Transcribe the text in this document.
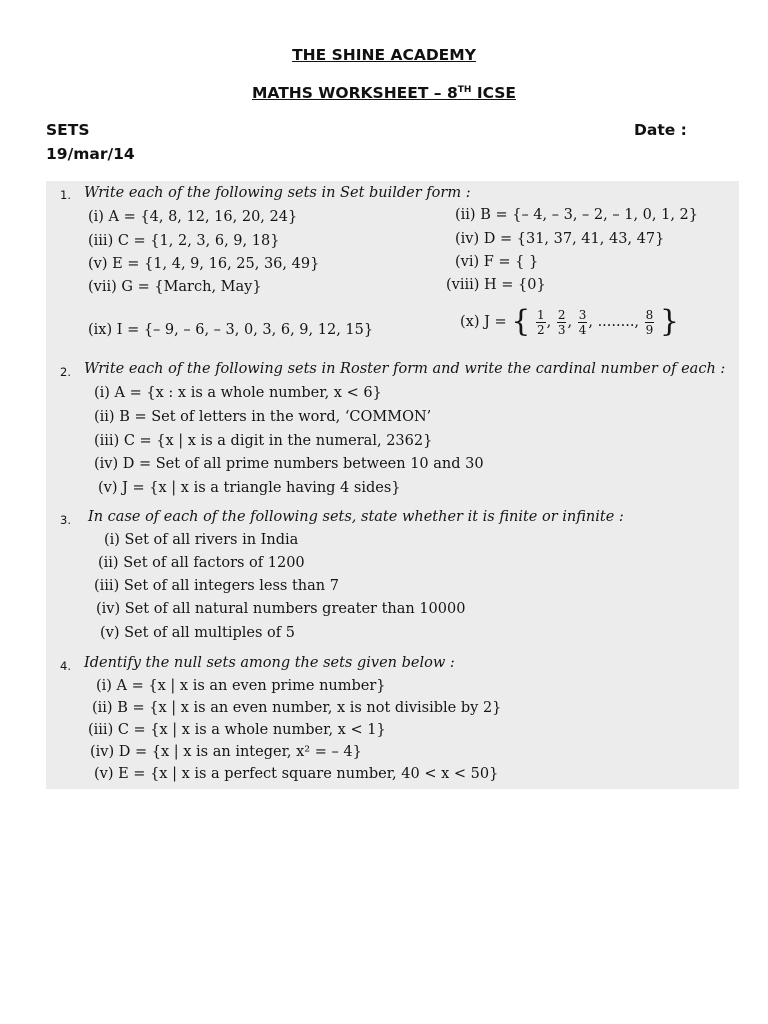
THE SHINE ACADEMY
MATHS WORKSHEET – 8TH ICSE
SETS	Date :
19/mar/14
1. Write each of the following sets in Set builder form :
(i) A = {4, 8, 12, 16, 20, 24}	(ii) B = {– 4, – 3, – 2, – 1, 0, 1, 2}
(iii) C = {1, 2, 3, 6, 9, 18}	(iv) D = {31, 37, 41, 43, 47}
(v) E = {1, 4, 9, 16, 25, 36, 49}	(vi) F = { }
(vii) G = {March, May}	(viii) H = {0}
(ix) I = {– 9, – 6, – 3, 0, 3, 6, 9, 12, 15}	(x) J = { $\frac{1}{2}$ , $\frac{2}{3}$ , $\frac{3}{4}$ , ........, $\frac{8}{9}$ }
2. Write each of the following sets in Roster form and write the cardinal number of each :
(i) A = {x : x is a whole number, x < 6}
(ii) B = Set of letters in the word, ‘COMMON’
(iii) C = {x | x is a digit in the numeral, 2362}
(iv) D = Set of all prime numbers between 10 and 30
(v) J = {x | x is a triangle having 4 sides}
3. In case of each of the following sets, state whether it is finite or infinite :
(i) Set of all rivers in India
(ii) Set of all factors of 1200
(iii) Set of all integers less than 7
(iv) Set of all natural numbers greater than 10000
(v) Set of all multiples of 5
4. Identify the null sets among the sets given below :
(i) A = {x | x is an even prime number}
(ii) B = {x | x is an even number, x is not divisible by 2}
(iii) C = {x | x is a whole number, x < 1}
(iv) D = {x | x is an integer, x² = – 4}
(v) E = {x | x is a perfect square number, 40 < x < 50}
